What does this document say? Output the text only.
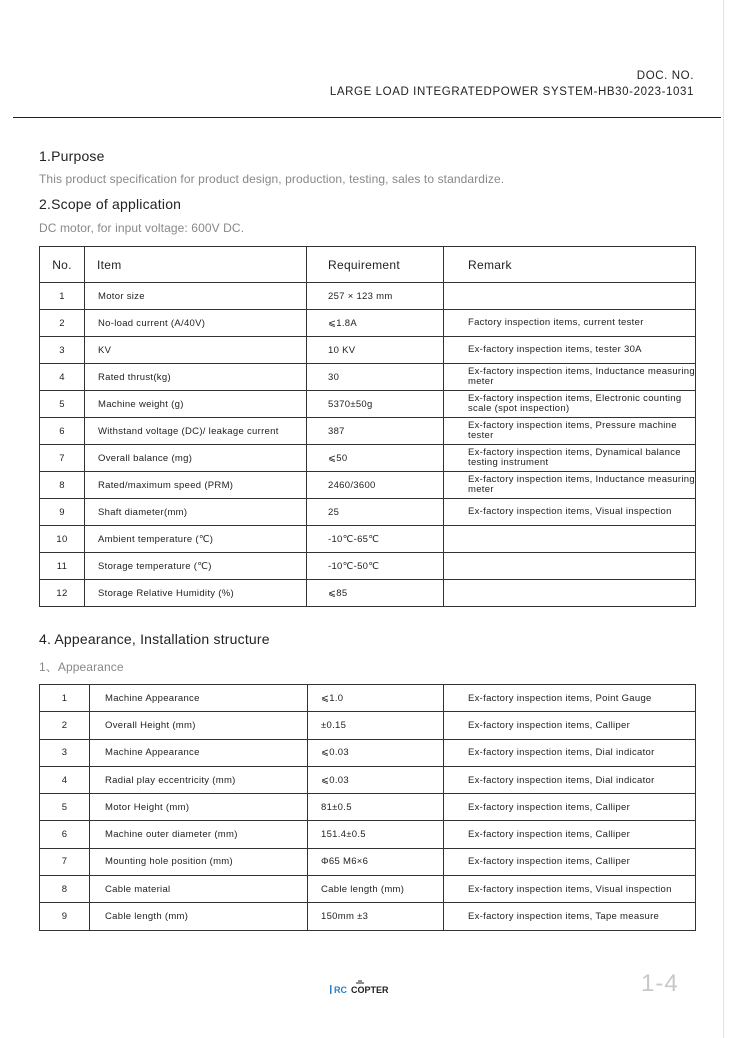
DOC. NO.
LARGE LOAD INTEGRATEDPOWER SYSTEM-HB30-2023-1031
1.Purpose
This product specification for product design, production, testing, sales to standardize.
2.Scope of application
DC motor, for input voltage: 600V DC.
No.	Item	Requirement	Remark
1	Motor size	257 × 123 mm	
2	No-load current (A/40V)	⩽1.8A	Factory inspection items, current tester
3	KV	10 KV	Ex-factory inspection items, tester 30A
4	Rated thrust(kg)	30	Ex-factory inspection items, Inductance measuring meter
5	Machine weight (g)	5370±50g	Ex-factory inspection items, Electronic counting scale (spot inspection)
6	Withstand voltage (DC)/ leakage current	387	Ex-factory inspection items, Pressure machine tester
7	Overall balance (mg)	⩽50	Ex-factory inspection items, Dynamical balance testing instrument
8	Rated/maximum speed (PRM)	2460/3600	Ex-factory inspection items, Inductance measuring meter
9	Shaft diameter(mm)	25	Ex-factory inspection items, Visual inspection
10	Ambient temperature (℃)	-10℃-65℃	
11	Storage temperature (℃)	-10℃-50℃	
12	Storage Relative Humidity (%)	⩽85	
4. Appearance, Installation structure
1、Appearance
1	Machine Appearance	⩽1.0	Ex-factory inspection items, Point Gauge
2	Overall Height (mm)	±0.15	Ex-factory inspection items, Calliper
3	Machine Appearance	⩽0.03	Ex-factory inspection items, Dial indicator
4	Radial play eccentricity (mm)	⩽0.03	Ex-factory inspection items, Dial indicator
5	Motor Height (mm)	81±0.5	Ex-factory inspection items, Calliper
6	Machine outer diameter (mm)	151.4±0.5	Ex-factory inspection items, Calliper
7	Mounting hole position (mm)	Φ65 M6×6	Ex-factory inspection items, Calliper
8	Cable material	Cable length (mm)	Ex-factory inspection items, Visual inspection
9	Cable length (mm)	150mm ±3	Ex-factory inspection items, Tape measure
RC COPTER	1-4
